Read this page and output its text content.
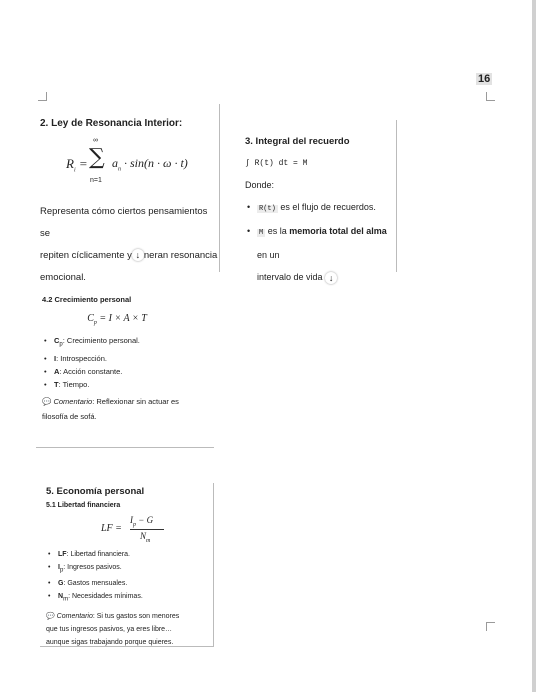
16
2. Ley de Resonancia Interior:
$R_i$ =
∞
∑
n=1
$a_n \cdot \sin(n \cdot \omega \cdot t)$
Representa cómo ciertos pensamientos se
repiten cíclicamente y ↓ neran resonancia
emocional.
3. Integral del recuerdo
∫ R(t) dt = M
Donde:
• R(t) es el flujo de recuerdos.
• M es la memoria total del alma en un
intervalo de vida ↓
4.2 Crecimiento personal
$C_p = I \times A \times T$
• $C_p$: Crecimiento personal.
• I: Introspección.
• A: Acción constante.
• T: Tiempo.
💬 Comentario: Reflexionar sin actuar es
filosofía de sofá.
5. Economía personal
5.1 Libertad financiera
LF =
$I_p - G$
$N_m$
• LF: Libertad financiera.
• $I_p$: Ingresos pasivos.
• G: Gastos mensuales.
• $N_m$: Necesidades mínimas.
💬 Comentario: Si tus gastos son menores
que tus ingresos pasivos, ya eres libre…
aunque sigas trabajando porque quieres.
